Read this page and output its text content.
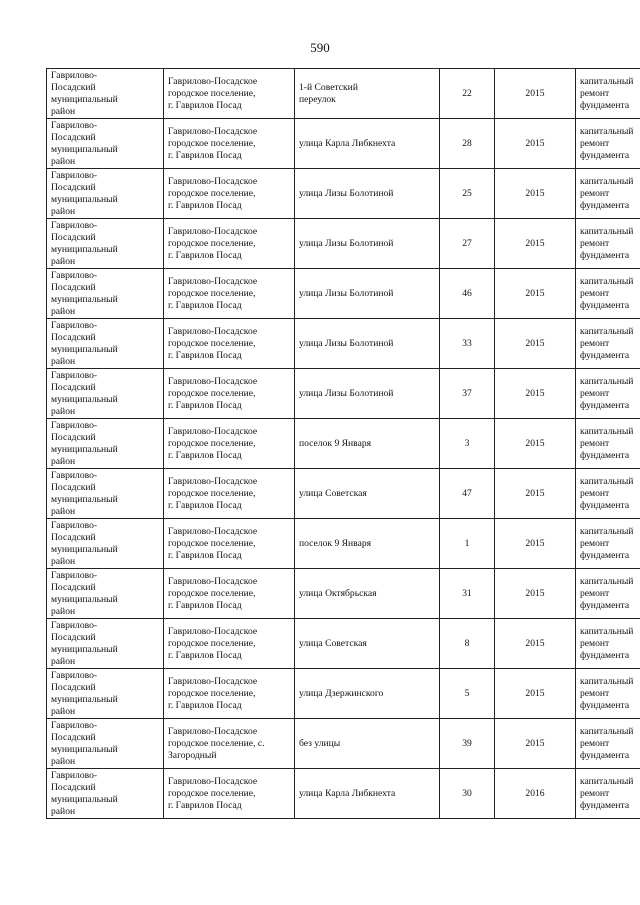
590
Гаврилово-
Посадский
муниципальный
район	Гаврилово-Посадское
городское поселение,
г. Гаврилов Посад	1-й Советский
переулок	22	2015	капитальный
ремонт
фундамента

Гаврилово-
Посадский
муниципальный
район	Гаврилово-Посадское
городское поселение,
г. Гаврилов Посад	улица Карла Либкнехта	28	2015	капитальный
ремонт
фундамента

Гаврилово-
Посадский
муниципальный
район	Гаврилово-Посадское
городское поселение,
г. Гаврилов Посад	улица Лизы Болотиной	25	2015	капитальный
ремонт
фундамента

Гаврилово-
Посадский
муниципальный
район	Гаврилово-Посадское
городское поселение,
г. Гаврилов Посад	улица Лизы Болотиной	27	2015	капитальный
ремонт
фундамента

Гаврилово-
Посадский
муниципальный
район	Гаврилово-Посадское
городское поселение,
г. Гаврилов Посад	улица Лизы Болотиной	46	2015	капитальный
ремонт
фундамента

Гаврилово-
Посадский
муниципальный
район	Гаврилово-Посадское
городское поселение,
г. Гаврилов Посад	улица Лизы Болотиной	33	2015	капитальный
ремонт
фундамента

Гаврилово-
Посадский
муниципальный
район	Гаврилово-Посадское
городское поселение,
г. Гаврилов Посад	улица Лизы Болотиной	37	2015	капитальный
ремонт
фундамента

Гаврилово-
Посадский
муниципальный
район	Гаврилово-Посадское
городское поселение,
г. Гаврилов Посад	поселок 9 Января	3	2015	капитальный
ремонт
фундамента

Гаврилово-
Посадский
муниципальный
район	Гаврилово-Посадское
городское поселение,
г. Гаврилов Посад	улица Советская	47	2015	капитальный
ремонт
фундамента

Гаврилово-
Посадский
муниципальный
район	Гаврилово-Посадское
городское поселение,
г. Гаврилов Посад	поселок 9 Января	1	2015	капитальный
ремонт
фундамента

Гаврилово-
Посадский
муниципальный
район	Гаврилово-Посадское
городское поселение,
г. Гаврилов Посад	улица Октябрьская	31	2015	капитальный
ремонт
фундамента

Гаврилово-
Посадский
муниципальный
район	Гаврилово-Посадское
городское поселение,
г. Гаврилов Посад	улица Советская	8	2015	капитальный
ремонт
фундамента

Гаврилово-
Посадский
муниципальный
район	Гаврилово-Посадское
городское поселение,
г. Гаврилов Посад	улица Дзержинского	5	2015	капитальный
ремонт
фундамента

Гаврилово-
Посадский
муниципальный
район	Гаврилово-Посадское
городское поселение, с.
Загородный	без улицы	39	2015	капитальный
ремонт
фундамента

Гаврилово-
Посадский
муниципальный
район	Гаврилово-Посадское
городское поселение,
г. Гаврилов Посад	улица Карла Либкнехта	30	2016	капитальный
ремонт
фундамента
